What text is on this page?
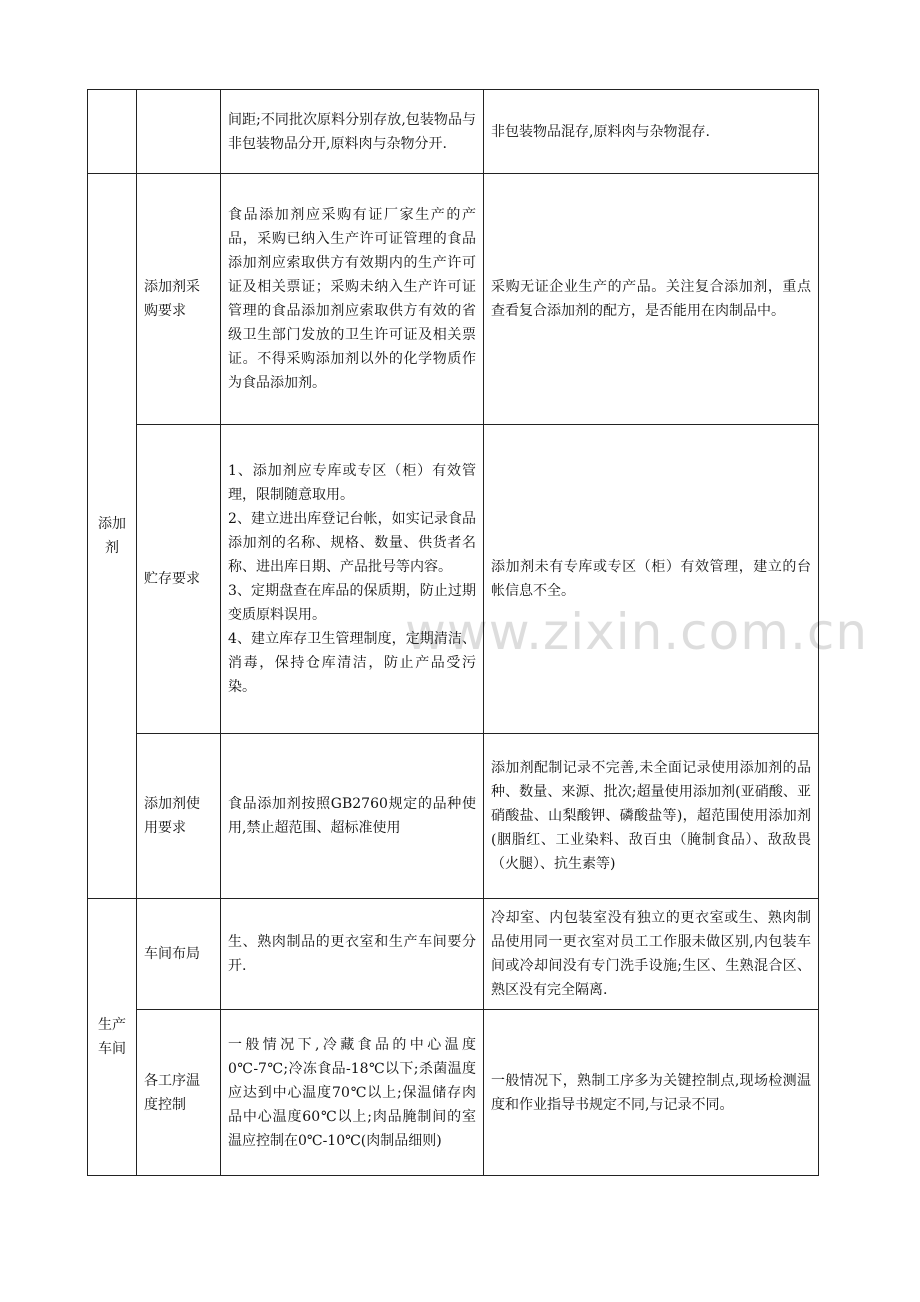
		间距;不同批次原料分别存放,包装物品与非包装物品分开,原料肉与杂物分开.	非包装物品混存,原料肉与杂物混存.
添加剂	添加剂采购要求	食品添加剂应采购有证厂家生产的产品，采购已纳入生产许可证管理的食品添加剂应索取供方有效期内的生产许可证及相关票证；采购未纳入生产许可证管理的食品添加剂应索取供方有效的省级卫生部门发放的卫生许可证及相关票证。不得采购添加剂以外的化学物质作为食品添加剂。	采购无证企业生产的产品。关注复合添加剂，重点查看复合添加剂的配方，是否能用在肉制品中。
	贮存要求	1、添加剂应专库或专区（柜）有效管理，限制随意取用。
2、建立进出库登记台帐，如实记录食品添加剂的名称、规格、数量、供货者名称、进出库日期、产品批号等内容。
3、定期盘查在库品的保质期，防止过期变质原料误用。
4、建立库存卫生管理制度，定期清洁、消毒，保持仓库清洁，防止产品受污染。	添加剂未有专库或专区（柜）有效管理，建立的台帐信息不全。
	添加剂使用要求	食品添加剂按照GB2760规定的品种使用,禁止超范围、超标准使用	添加剂配制记录不完善,未全面记录使用添加剂的品种、数量、来源、批次;超量使用添加剂(亚硝酸、亚硝酸盐、山梨酸钾、磷酸盐等)，超范围使用添加剂(胭脂红、工业染料、敌百虫（腌制食品）、敌敌畏（火腿）、抗生素等)
生产车间	车间布局	生、熟肉制品的更衣室和生产车间要分开.	冷却室、内包装室没有独立的更衣室或生、熟肉制品使用同一更衣室对员工工作服未做区别,内包装车间或冷却间没有专门洗手设施;生区、生熟混合区、熟区没有完全隔离.
	各工序温度控制	一般情况下,冷藏食品的中心温度0℃-7℃;冷冻食品-18℃以下;杀菌温度应达到中心温度70℃以上;保温储存肉品中心温度60℃以上;肉品腌制间的室温应控制在0℃-10℃(肉制品细则)	一般情况下，熟制工序多为关键控制点,现场检测温度和作业指导书规定不同,与记录不同。
www.zixin.com.cn
